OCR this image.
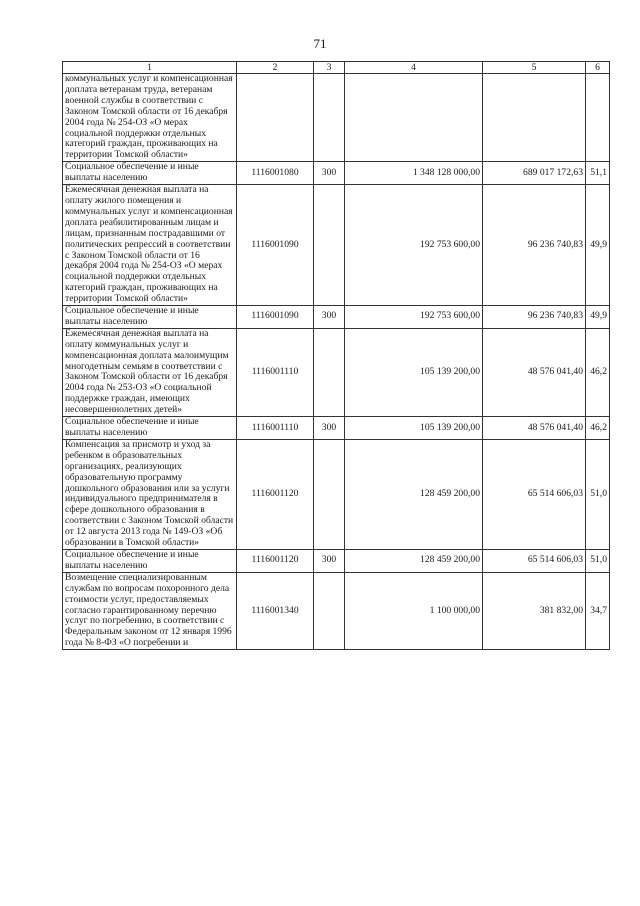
71
1	2	3	4	5	6
коммунальных услуг и компенсационная доплата ветеранам труда, ветеранам военной службы в соответствии с Законом Томской области от 16 декабря 2004 года № 254-ОЗ «О мерах социальной поддержки отдельных категорий граждан, проживающих на территории Томской области»					
Социальное обеспечение и иные выплаты населению	1116001080	300	1 348 128 000,00	689 017 172,63	51,1
Ежемесячная денежная выплата на оплату жилого помещения и коммунальных услуг и компенсационная доплата реабилитированным лицам и лицам, признанным пострадавшими от политических репрессий в соответствии с Законом Томской области от 16 декабря 2004 года № 254-ОЗ «О мерах социальной поддержки отдельных категорий граждан, проживающих на территории Томской области»	1116001090		192 753 600,00	96 236 740,83	49,9
Социальное обеспечение и иные выплаты населению	1116001090	300	192 753 600,00	96 236 740,83	49,9
Ежемесячная денежная выплата на оплату коммунальных услуг и компенсационная доплата малоимущим многодетным семьям в соответствии с Законом Томской области от 16 декабря 2004 года № 253-ОЗ «О социальной поддержке граждан, имеющих несовершеннолетних детей»	1116001110		105 139 200,00	48 576 041,40	46,2
Социальное обеспечение и иные выплаты населению	1116001110	300	105 139 200,00	48 576 041,40	46,2
Компенсация за присмотр и уход за ребенком в образовательных организациях, реализующих образовательную программу дошкольного образования или за услуги индивидуального предпринимателя в сфере дошкольного образования в соответствии с Законом Томской области от 12 августа 2013 года № 149-ОЗ «Об образовании в Томской области»	1116001120		128 459 200,00	65 514 606,03	51,0
Социальное обеспечение и иные выплаты населению	1116001120	300	128 459 200,00	65 514 606,03	51,0
Возмещение специализированным службам по вопросам похоронного дела стоимости услуг, предоставляемых согласно гарантированному перечню услуг по погребению, в соответствии с Федеральным законом от 12 января 1996 года № 8-ФЗ «О погребении и	1116001340		1 100 000,00	381 832,00	34,7
